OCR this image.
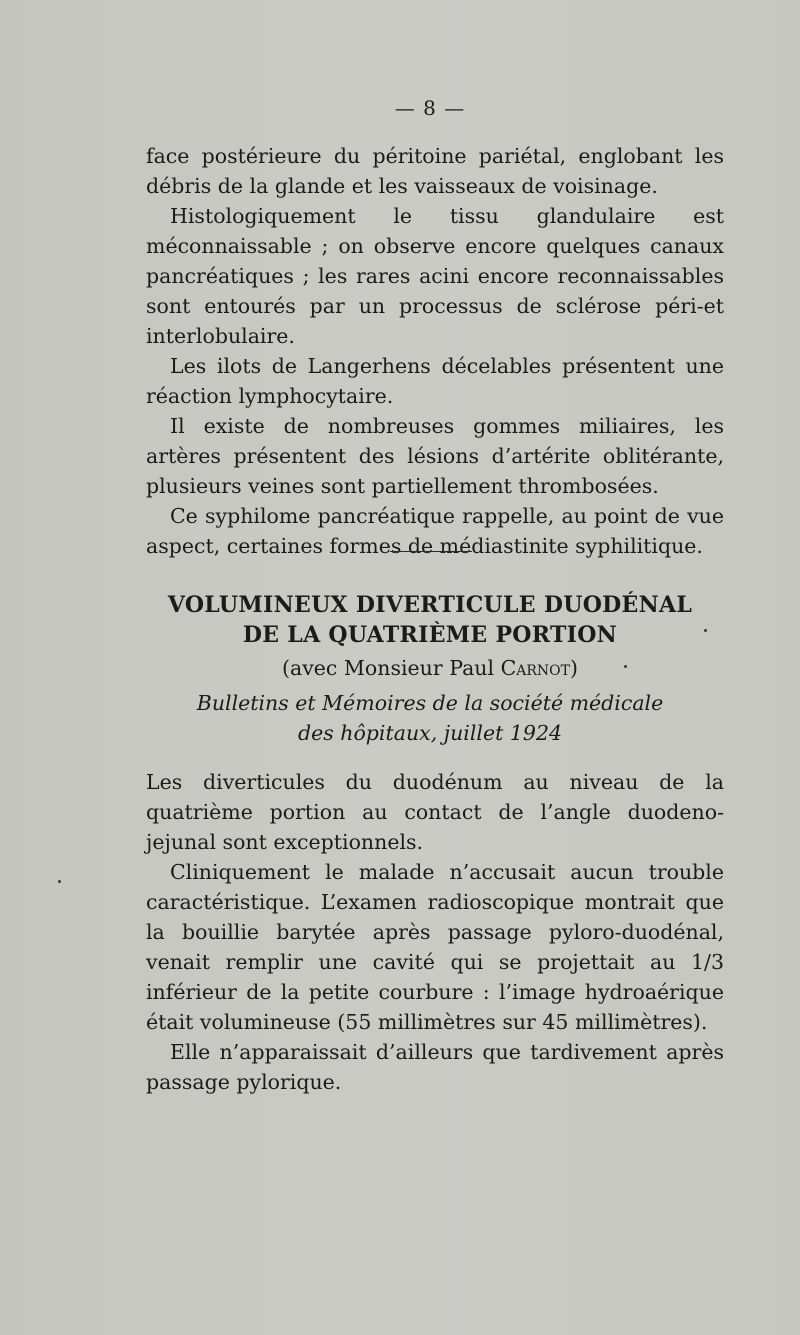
— 8 —

face postérieure du péritoine pariétal, englobant les débris de la glande et les vaisseaux de voisinage.

Histologiquement le tissu glandulaire est méconnaissable ; on observe encore quelques canaux pancréatiques ; les rares acini encore reconnaissables sont entourés par un processus de sclérose péri-et interlobulaire.

Les ilots de Langerhens décelables présentent une réaction lymphocytaire.

Il existe de nombreuses gommes miliaires, les artères présentent des lésions d’artérite oblitérante, plusieurs veines sont partiellement thrombosées.

Ce syphilome pancréatique rappelle, au point de vue aspect, certaines formes de médiastinite syphilitique.

VOLUMINEUX DIVERTICULE DUODÉNAL
DE LA QUATRIÈME PORTION
(avec Monsieur Paul Carnot)
Bulletins et Mémoires de la société médicale
des hôpitaux, juillet 1924

Les diverticules du duodénum au niveau de la quatrième portion au contact de l’angle duodeno-jejunal sont exceptionnels.

Cliniquement le malade n’accusait aucun trouble caractéristique. L’examen radioscopique montrait que la bouillie barytée après passage pyloro-duodénal, venait remplir une cavité qui se projettait au 1/3 inférieur de la petite courbure : l’image hydroaérique était volumineuse (55 millimètres sur 45 millimètres).

Elle n’apparaissait d’ailleurs que tardivement après passage pylorique.
